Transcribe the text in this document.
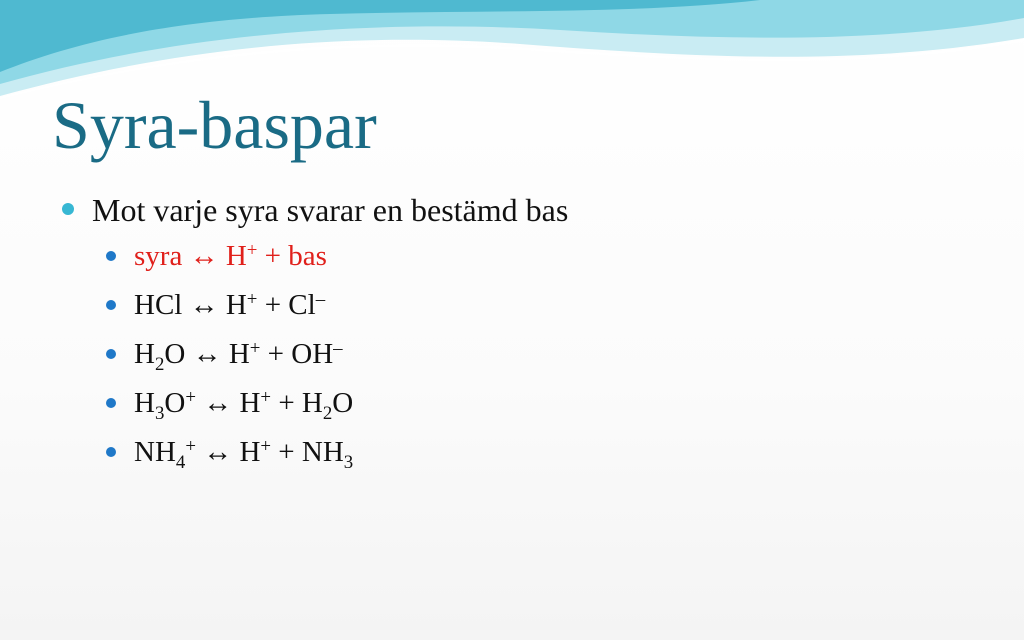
Syra-baspar
Mot varje syra svarar en bestämd bas
syra ↔ H+ + bas
HCl ↔ H+ + Cl–
$H_2O$ ↔ H+ + OH–
$H_3O^+$ ↔ $H^+ + H_2O$
$NH_4^+$ ↔ $H^+ + NH_3$
